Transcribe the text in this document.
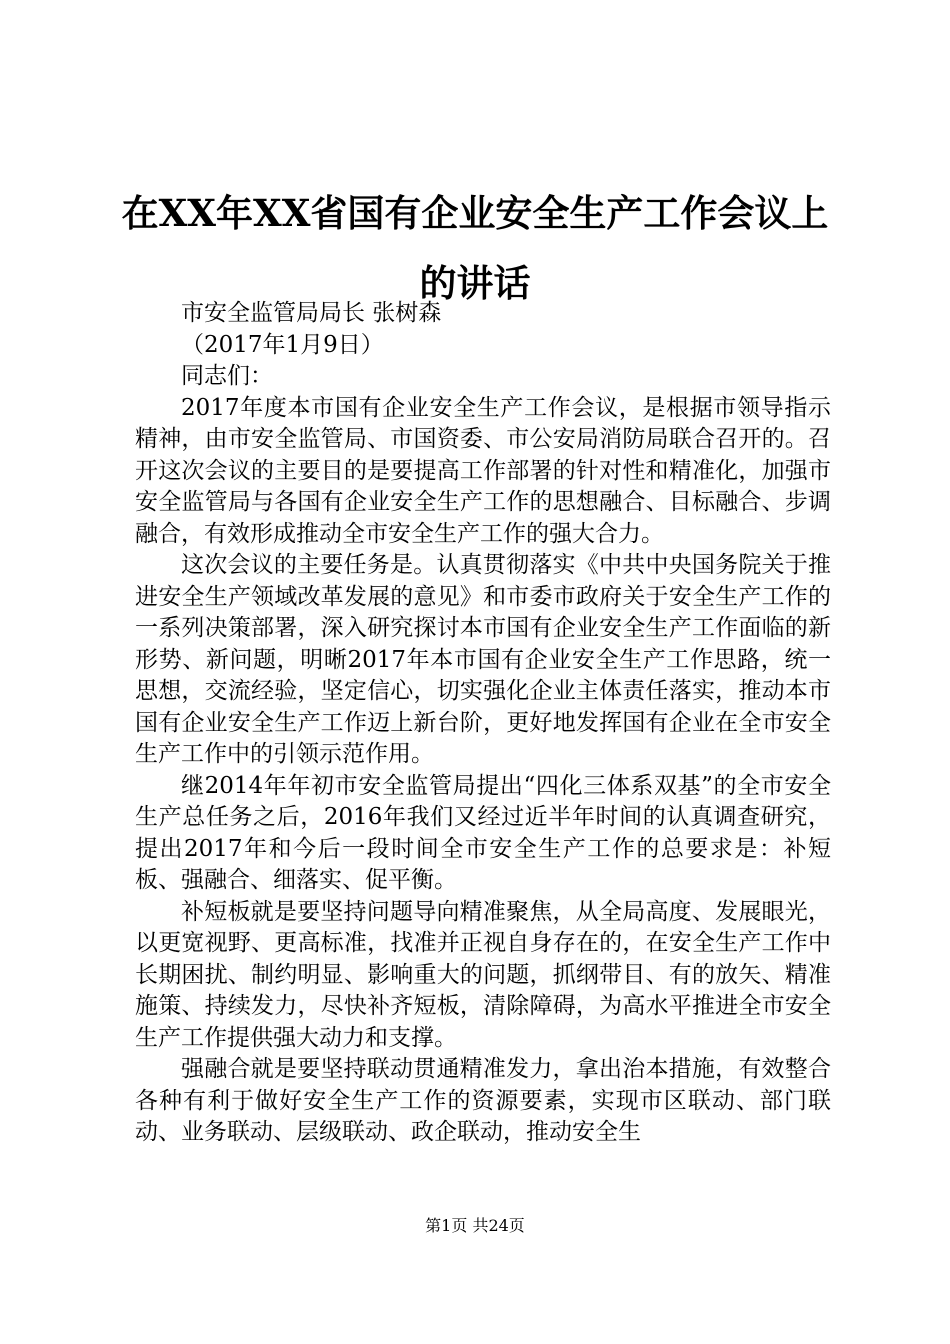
在XX年XX省国有企业安全生产工作会议上的讲话

市安全监管局局长 张树森

（2017年1月9日）

同志们：

2017年度本市国有企业安全生产工作会议，是根据市领导指示精神，由市安全监管局、市国资委、市公安局消防局联合召开的。召开这次会议的主要目的是要提高工作部署的针对性和精准化，加强市安全监管局与各国有企业安全生产工作的思想融合、目标融合、步调融合，有效形成推动全市安全生产工作的强大合力。

这次会议的主要任务是。认真贯彻落实《中共中央国务院关于推进安全生产领域改革发展的意见》和市委市政府关于安全生产工作的一系列决策部署，深入研究探讨本市国有企业安全生产工作面临的新形势、新问题，明晰2017年本市国有企业安全生产工作思路，统一思想，交流经验，坚定信心，切实强化企业主体责任落实，推动本市国有企业安全生产工作迈上新台阶，更好地发挥国有企业在全市安全生产工作中的引领示范作用。

继2014年年初市安全监管局提出“四化三体系双基”的全市安全生产总任务之后，2016年我们又经过近半年时间的认真调查研究，提出2017年和今后一段时间全市安全生产工作的总要求是：补短板、强融合、细落实、促平衡。

补短板就是要坚持问题导向精准聚焦，从全局高度、发展眼光，以更宽视野、更高标准，找准并正视自身存在的，在安全生产工作中长期困扰、制约明显、影响重大的问题，抓纲带目、有的放矢、精准施策、持续发力，尽快补齐短板，清除障碍，为高水平推进全市安全生产工作提供强大动力和支撑。

强融合就是要坚持联动贯通精准发力，拿出治本措施，有效整合各种有利于做好安全生产工作的资源要素，实现市区联动、部门联动、业务联动、层级联动、政企联动，推动安全生

第1页 共24页
